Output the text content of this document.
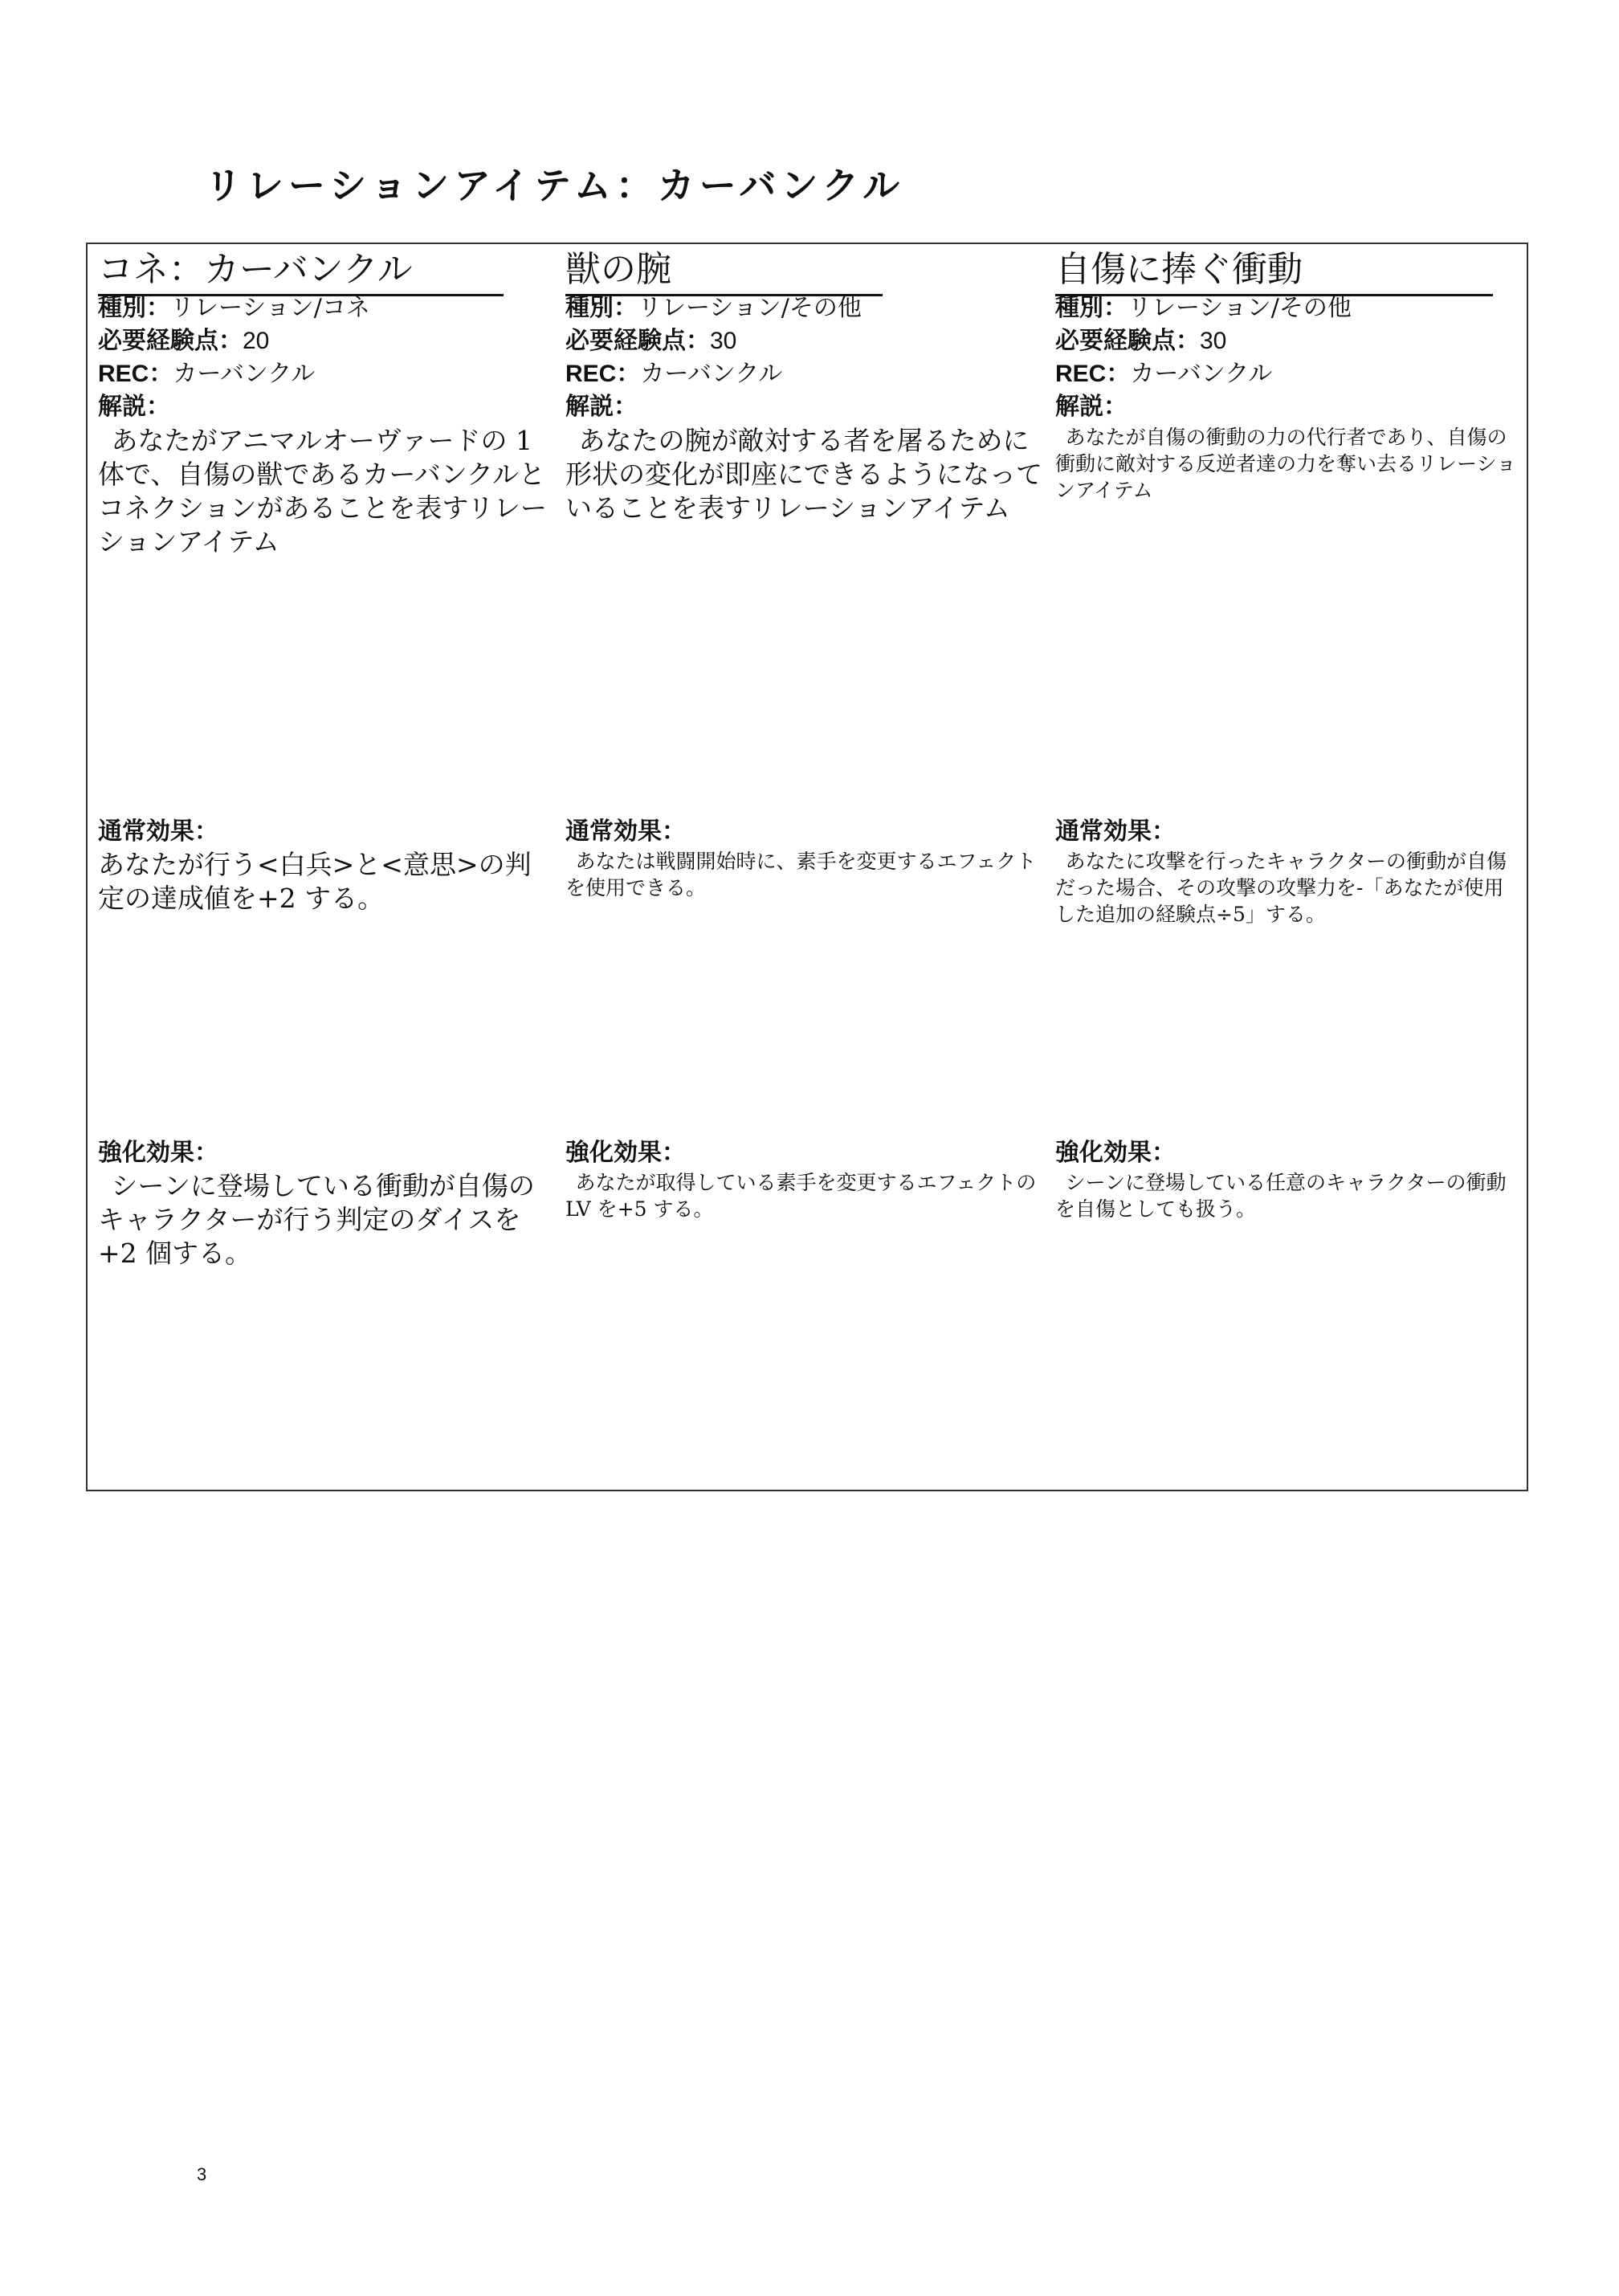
リレーションアイテム：カーバンクル
コネ：カーバンクル
種別：リレーション/コネ
必要経験点：20
REC：カーバンクル
解説：
あなたがアニマルオーヴァードの 1 体で、自傷の獣であるカーバンクルとコネクションがあることを表すリレーションアイテム
通常効果：
あなたが行う<白兵>と<意思>の判定の達成値を+2 する。
強化効果：
シーンに登場している衝動が自傷のキャラクターが行う判定のダイスを+2 個する。
獣の腕
種別：リレーション/その他
必要経験点：30
REC：カーバンクル
解説：
あなたの腕が敵対する者を屠るために形状の変化が即座にできるようになっていることを表すリレーションアイテム
通常効果：
あなたは戦闘開始時に、素手を変更するエフェクトを使用できる。
強化効果：
あなたが取得している素手を変更するエフェクトの LV を+5 する。
自傷に捧ぐ衝動
種別：リレーション/その他
必要経験点：30
REC：カーバンクル
解説：
あなたが自傷の衝動の力の代行者であり、自傷の衝動に敵対する反逆者達の力を奪い去るリレーションアイテム
通常効果：
あなたに攻撃を行ったキャラクターの衝動が自傷だった場合、その攻撃の攻撃力を-「あなたが使用した追加の経験点÷5」する。
強化効果：
シーンに登場している任意のキャラクターの衝動を自傷としても扱う。
3
